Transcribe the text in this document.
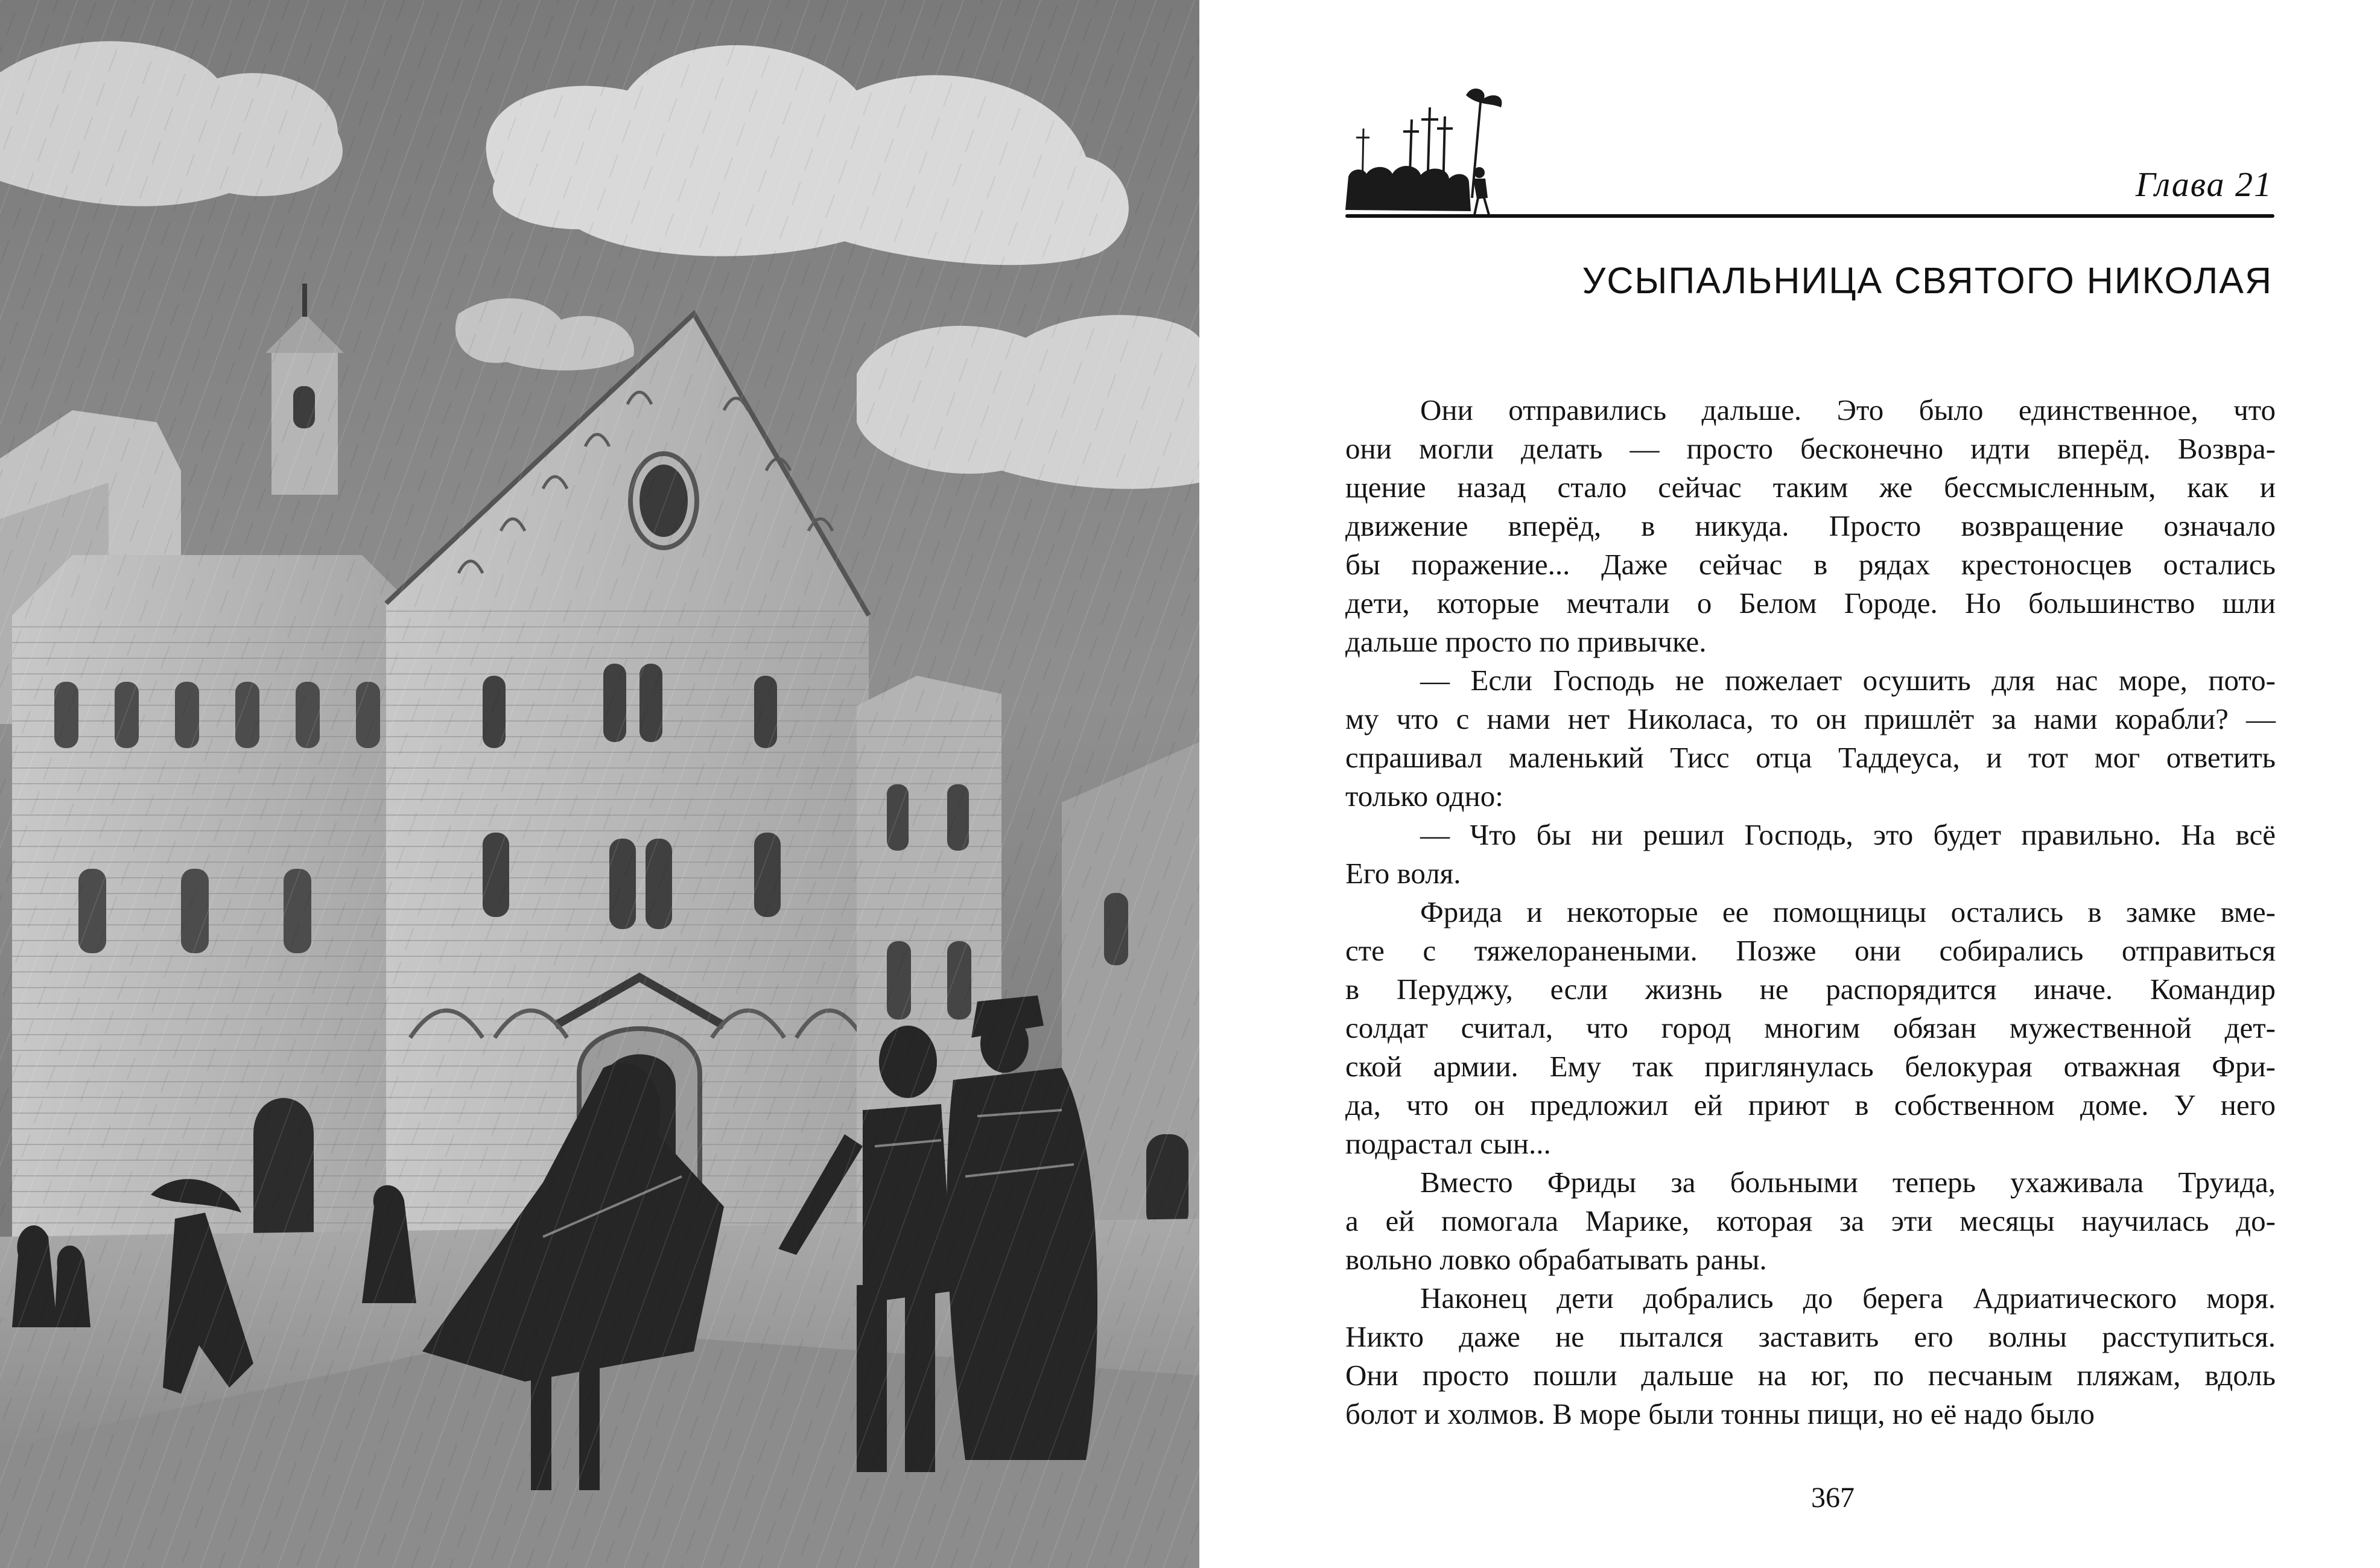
Глава 21
УСЫПАЛЬНИЦА СВЯТОГО НИКОЛАЯ

Они отправились дальше. Это было единственное, что
они могли делать — просто бесконечно идти вперёд. Возвра-
щение назад стало сейчас таким же бессмысленным, как и
движение вперёд, в никуда. Просто возвращение означало
бы поражение... Даже сейчас в рядах крестоносцев остались
дети, которые мечтали о Белом Городе. Но большинство шли
дальше просто по привычке.

— Если Господь не пожелает осушить для нас море, пото-
му что с нами нет Николаса, то он пришлёт за нами корабли? —
спрашивал маленький Тисс отца Таддеуса, и тот мог ответить
только одно:

— Что бы ни решил Господь, это будет правильно. На всё
Его воля.

Фрида и некоторые ее помощницы остались в замке вме-
сте с тяжелоранеными. Позже они собирались отправиться
в Перуджу, если жизнь не распорядится иначе. Командир
солдат считал, что город многим обязан мужественной дет-
ской армии. Ему так приглянулась белокурая отважная Фри-
да, что он предложил ей приют в собственном доме. У него
подрастал сын...

Вместо Фриды за больными теперь ухаживала Труида,
а ей помогала Марике, которая за эти месяцы научилась до-
вольно ловко обрабатывать раны.

Наконец дети добрались до берега Адриатического моря.
Никто даже не пытался заставить его волны расступиться.
Они просто пошли дальше на юг, по песчаным пляжам, вдоль
болот и холмов. В море были тонны пищи, но её надо было

367
